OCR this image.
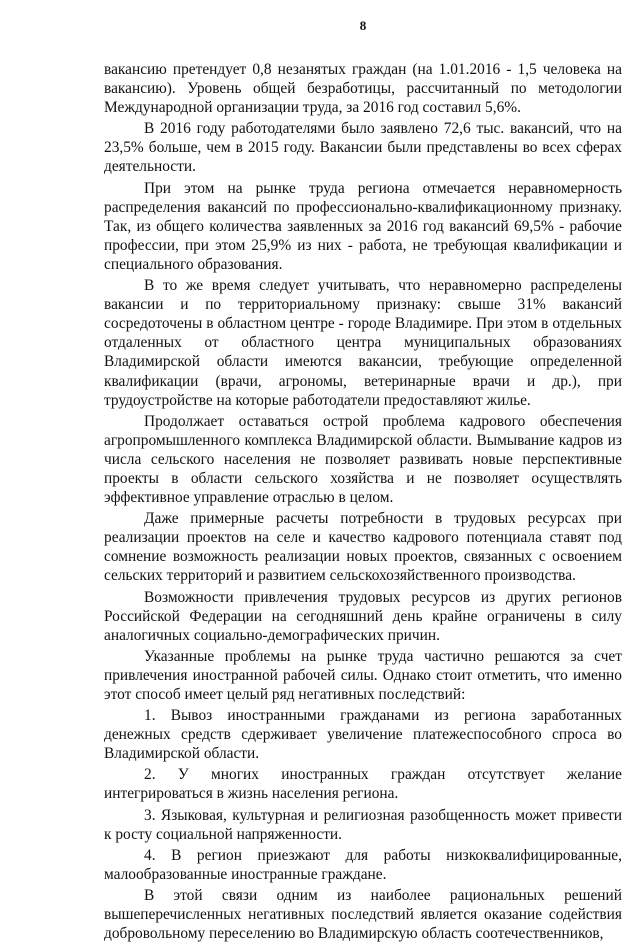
8

вакансию претендует 0,8 незанятых граждан (на 1.01.2016 - 1,5 человека на вакансию). Уровень общей безработицы, рассчитанный по методологии Международной организации труда, за 2016 год составил 5,6%.

В 2016 году работодателями было заявлено 72,6 тыс. вакансий, что на 23,5% больше, чем в 2015 году. Вакансии были представлены во всех сферах деятельности.

При этом на рынке труда региона отмечается неравномерность распределения вакансий по профессионально-квалификационному признаку. Так, из общего количества заявленных за 2016 год вакансий 69,5% - рабочие профессии, при этом 25,9% из них - работа, не требующая квалификации и специального образования.

В то же время следует учитывать, что неравномерно распределены вакансии и по территориальному признаку: свыше 31% вакансий сосредоточены в областном центре - городе Владимире. При этом в отдельных отдаленных от областного центра муниципальных образованиях Владимирской области имеются вакансии, требующие определенной квалификации (врачи, агрономы, ветеринарные врачи и др.), при трудоустройстве на которые работодатели предоставляют жилье.

Продолжает оставаться острой проблема кадрового обеспечения агропромышленного комплекса Владимирской области. Вымывание кадров из числа сельского населения не позволяет развивать новые перспективные проекты в области сельского хозяйства и не позволяет осуществлять эффективное управление отраслью в целом.

Даже примерные расчеты потребности в трудовых ресурсах при реализации проектов на селе и качество кадрового потенциала ставят под сомнение возможность реализации новых проектов, связанных с освоением сельских территорий и развитием сельскохозяйственного производства.

Возможности привлечения трудовых ресурсов из других регионов Российской Федерации на сегодняшний день крайне ограничены в силу аналогичных социально-демографических причин.

Указанные проблемы на рынке труда частично решаются за счет привлечения иностранной рабочей силы. Однако стоит отметить, что именно этот способ имеет целый ряд негативных последствий:

1. Вывоз иностранными гражданами из региона заработанных денежных средств сдерживает увеличение платежеспособного спроса во Владимирской области.

2. У многих иностранных граждан отсутствует желание интегрироваться в жизнь населения региона.

3. Языковая, культурная и религиозная разобщенность может привести к росту социальной напряженности.

4. В регион приезжают для работы низкоквалифицированные, малообразованные иностранные граждане.

В этой связи одним из наиболее рациональных решений вышеперечисленных негативных последствий является оказание содействия добровольному переселению во Владимирскую область соотечественников,
